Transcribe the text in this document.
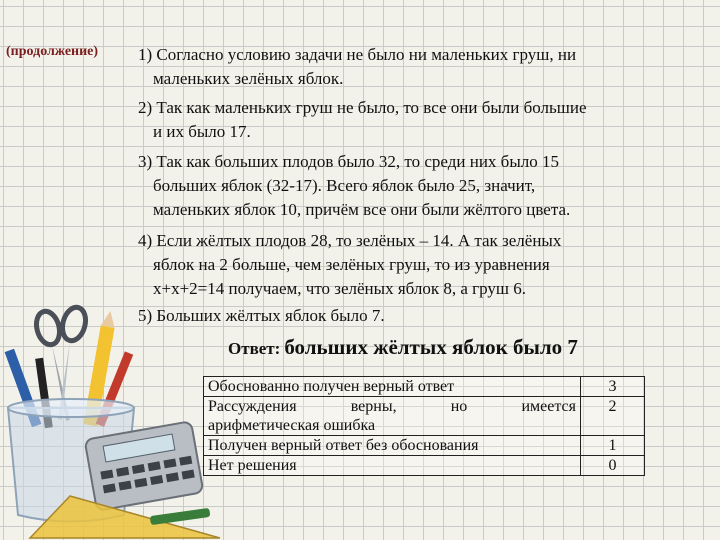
(продолжение) 1) Согласно условию задачи не было ни маленьких груш, ни
маленьких зелёных яблок.
2) Так как маленьких груш не было, то все они были большие
и их было 17.
3) Так как больших плодов было 32, то среди них было 15
больших яблок (32-17). Всего яблок было 25, значит,
маленьких яблок 10, причём все они были жёлтого цвета.
4) Если жёлтых плодов 28, то зелёных – 14. А так зелёных
яблок на 2 больше, чем зелёных груш, то из уравнения
х+х+2=14 получаем, что зелёных яблок 8, а груш 6.
5) Больших жёлтых яблок было 7.
Ответ: больших жёлтых яблок было 7
Обоснованно получен верный ответ	3

Рассуждения верны, но имеется
арифметическая ошибка	2
Получен верный ответ без обоснования	1
Нет решения	0
